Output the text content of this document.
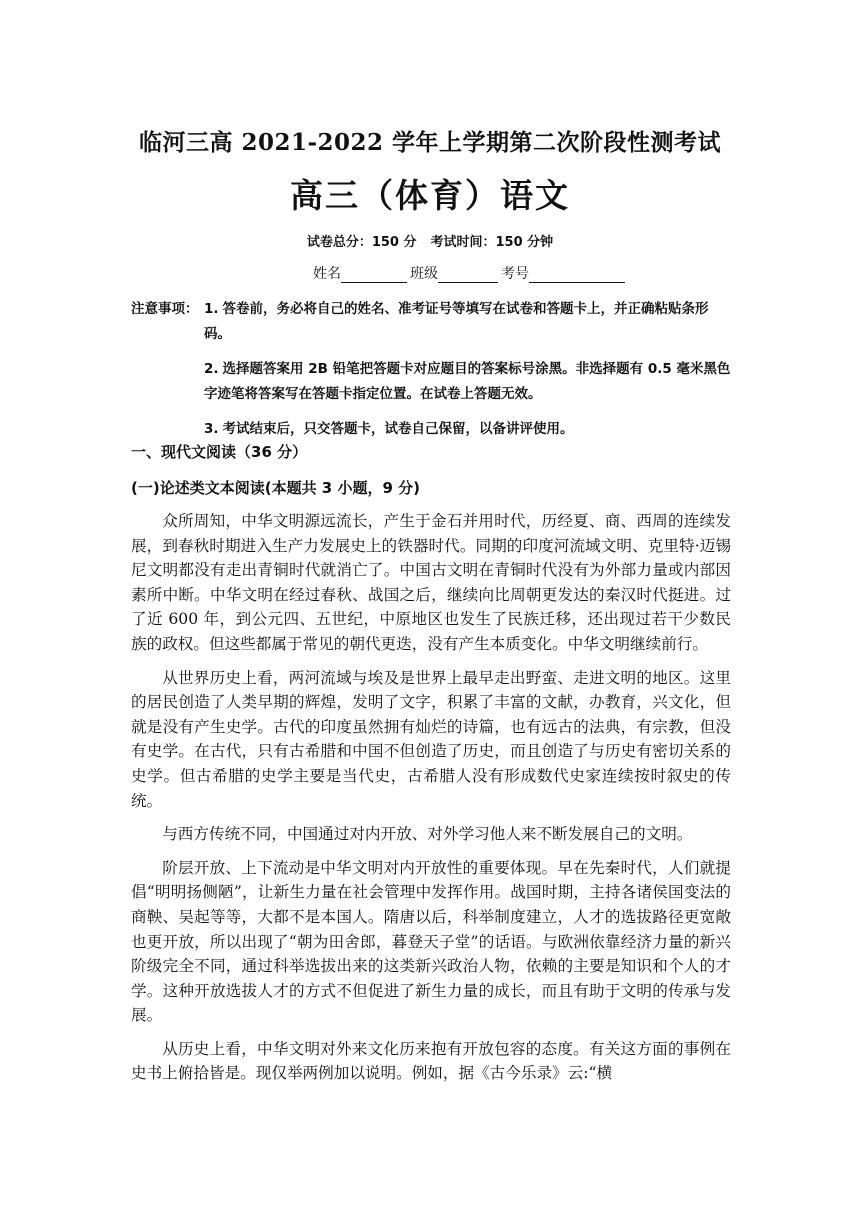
临河三高 2021-2022 学年上学期第二次阶段性测考试
高三（体育）语文
试卷总分：150 分 考试时间：150 分钟
姓名	班级	考号
注意事项： 1. 答卷前，务必将自己的姓名、准考证号等填写在试卷和答题卡上，并正确粘贴条形码。
2. 选择题答案用 2B 铅笔把答题卡对应题目的答案标号涂黑。非选择题有 0.5 毫米黑色字迹笔将答案写在答题卡指定位置。在试卷上答题无效。
3. 考试结束后，只交答题卡，试卷自己保留，以备讲评使用。
一、现代文阅读（36 分）
(一)论述类文本阅读(本题共 3 小题，9 分)

众所周知，中华文明源远流长，产生于金石并用时代，历经夏、商、西周的连续发展，到春秋时期进入生产力发展史上的铁器时代。同期的印度河流域文明、克里特·迈锡尼文明都没有走出青铜时代就消亡了。中国古文明在青铜时代没有为外部力量或内部因素所中断。中华文明在经过春秋、战国之后，继续向比周朝更发达的秦汉时代挺进。过了近 600 年，到公元四、五世纪，中原地区也发生了民族迁移，还出现过若干少数民族的政权。但这些都属于常见的朝代更迭，没有产生本质变化。中华文明继续前行。

从世界历史上看，两河流域与埃及是世界上最早走出野蛮、走进文明的地区。这里的居民创造了人类早期的辉煌，发明了文字，积累了丰富的文献，办教育，兴文化，但就是没有产生史学。古代的印度虽然拥有灿烂的诗篇，也有远古的法典，有宗教，但没有史学。在古代，只有古希腊和中国不但创造了历史，而且创造了与历史有密切关系的史学。但古希腊的史学主要是当代史，古希腊人没有形成数代史家连续按时叙史的传统。

与西方传统不同，中国通过对内开放、对外学习他人来不断发展自己的文明。

阶层开放、上下流动是中华文明对内开放性的重要体现。早在先秦时代，人们就提倡“明明扬侧陋”，让新生力量在社会管理中发挥作用。战国时期，主持各诸侯国变法的商鞅、吴起等等，大都不是本国人。隋唐以后，科举制度建立，人才的选拔路径更宽敞也更开放，所以出现了“朝为田舍郎，暮登天子堂”的话语。与欧洲依靠经济力量的新兴阶级完全不同，通过科举选拔出来的这类新兴政治人物，依赖的主要是知识和个人的才学。这种开放选拔人才的方式不但促进了新生力量的成长，而且有助于文明的传承与发展。

从历史上看，中华文明对外来文化历来抱有开放包容的态度。有关这方面的事例在史书上俯拾皆是。现仅举两例加以说明。例如，据《古今乐录》云:“横
